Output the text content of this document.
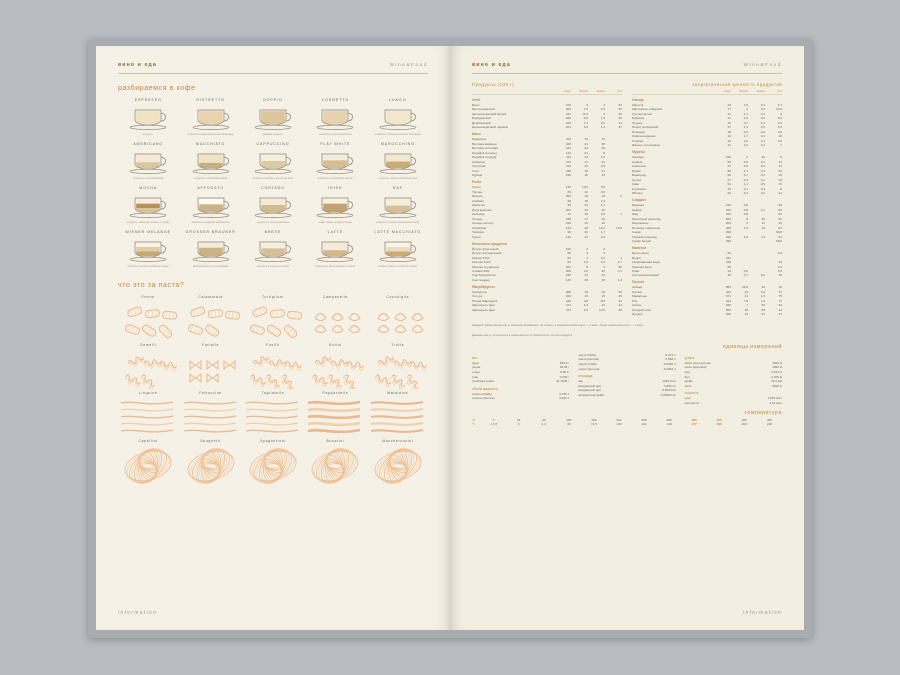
вино и еда	Wine&Food
разбираемся в кофе
ESPRESSO
эспрессо
RISTRETTO
эспрессо с меньшим количеством воды
DOPPIO
двойной эспрессо
CORRETTO
эспрессо с каплей алкоголя
LUNGO
эспрессо с большим количеством воды
AMERICANO
эспрессо с горячей водой
MACCHIATO
эспрессо с молочной пенкой
CAPPUCCINO
эспрессо, молоко и молочная пена
FLAT WHITE
эспрессо и вспененное молоко
MAROCCHINO
эспрессо, какао и молочная пена
MOCHA
эспрессо, шоколад, молоко и сливки
AFFOGATO
эспрессо с шариком мороженого
CORTADO
эспрессо с тёплым молоком
IRISH
кофе, виски, сливки и сахар
RAF
эспрессо, сливки и ванильный сахар
WIENER MELANGE
эспрессо, молоко и взбитые сливки
GROSSER BRAUNER
двойной эспрессо со сливками
BREVE
эспрессо и нагретые сливки
LATTE
эспрессо и много молока с пенкой
LATTE MACCHIATO
молоко, пенка и эспрессо слоями
что это за паста?
Penne	Calamarata	Tortiglioni	Campanelle	Conchiglie
Gemelli	Farfalle	Fusilli	Rotini	Trofie
Linguine	Fettuccine	Tagliatelle	Pappardelle	Mafaldine
Capellini	Spaghetti	Spaghettoni	Bucatini	Maccheroncini
information
вино и еда	Wine&Food
Продукты (100 г)
Ккал	Белки	Жиры	Угл
Хлеб
Багет	270	9	3	53
Батон нарезной	264	7,5	2,9	50
Цельнозерновой белый	244	11,5	3	46
Бородинский	208	6,8	1,3	40
Деревенский	229	7,4	2,6	44
Цельнозерновой чёрный	201	8,6	1,3	37
Мясо
Баранина	214	16	15
Ветчина варёная	420	21	38
Ветчина копчёная	434	23	36
Индейка (голень)	144	21	6
Индейка (грудка)	114	23	1,6
Свинина	274	17	22
Телятина	112	20	2,5
Утка	248	16	21
Курица	190	18	13
Рыба
Тунец	126	19,5	5,5
Треска	69	16	0,6
Форель	203	19	19	2
Хамбаш	99	18	1,3
Креветки	95	22	1,7
Икра красная	264	24	18
Кальмар	72	16	0,6	1
Сельдь	248	17	19
Сельдь Анчоус	210	20	10
Скумбрия	191	18	13,2	13,5
Тилапия	96	20	1,7
Тунец	144	23	4,9
Молочные продукты
Йогурт фруктовый	100	3	3
Йогурт натуральный	68	4	3
Кефир 3,2%	56	3	3,2	4
Молоко 3,2%	60	2,9	3,2	4,7
Молоко сгущённое	321	8	9	55
Сливки 20%	206	2,8	20	3,7
Сыр Моцарелла	240	22	16
Сыр Чеддер	145	26	33	1,3
Яйцо/Фрукты
Чизбургер	308	16	15	30
Хот-дог	263	10	15	25
Пицца Маргарита	240	9,8	8,5	34
Картофель фри	312	3,4	15	41
Картофель фри	273	3,9	13,5	35
энергетическая ценность продуктов
Ккал	Белки	Жиры	Угл
Овощи
Капуста	28	1,8	0,1	4,7
Картофель отварной	77	2	0,4	16,5
Лук репчатый	41	1,1	0,1	9
Морковь	41	0,9	0,2	9,6
Огурец	15	0,7	0,1	3,6
Перец болгарский	27	1,3	0,3	5,3
Помидор	18	0,9	0,2	3,9
Свёкла варёная	44	1,7	0,2	10
Спаржа	22	2,2	0,1	3,9
Фасоль стручковая	31	1,8	0,1	7
Фрукты
Авокадо	160	2	20	9
Ананас	50	0,5	0,1	13
Апельсин	47	0,9	0,1	12
Банан	89	1,1	0,3	23
Виноград	69	0,7	0,2	18
Груша	57	0,4	0,1	15
Киви	61	1,1	0,5	15
Клубника	33	0,7	0,3	8
Яблоко	52	0,3	0,2	14
Сладкое
Варенье	222	0,6	59
Зефир	326	0,8	0,1	80
Мёд	329	0,8	81
Молочный шоколад	564	8	35	52
Мороженое	209	4	11	24
Печенье сливочное	406	7,5	14	64
Сахар	399	99,8
Тёмный шоколад	546	4,9	31	61
Сахар белый	399	99,8
Напитки
Белое вино	82	2,6
Водка	231
Газированная вода	248	25
Красное вино	85	2,6
Пиво	43	0,5	3,6
Сок апельсиновый	45	0,7	0,2	10
Прочее
Арахис	562	26,5	49	16
Гречка	343	13	3,4	72
Макароны	371	13	1,5	75
Рис	344	7,5	1,8	77
Чипсы	536	7	35	53
Грецкий орех	654	15	65	14
Фундук	628	15	61	17
Каждый грамм белка или углеводов прибавляет по 4 ккал, а каждый грамм жира — 9 ккал. Один грамм алкоголя — 7 ккал.
Данные могут отличаться в зависимости от конкретного сорта продукта
единицы измерений
вес
фунт	453,6 г
унция	28,35 г
стоун	6,35 кг
гран	0,065 г
тройская унция	31,1035 г
объём жидкости
галлон (США)	3,785 л
галлон (Англия)	4,546 л
пинта (США)	0,473 л
пинта (Англия)	0,568 л
унция (США)	0,0295 л
унция (Англия)	0,0284 л
площадь
акр	4046,9 м²
квадратный ярд	0,836 м²
квадратный фут	0,0929 м²
квадратный дюйм	0,00064 м²
длина
миля (сухопутная)	1609 м
миля (морская)	1852 м
ярд	0,914 м
фут	0,305 м
дюйм	25,4 мм
лига	4828 м
скорость
узел	1,852 км/ч
маx/число	1,61 км/ч
температура
°F	0	32	40	100	150	212	250	300	350	375	400	425
°C	-17,8	0	4,4	38	71,5	100	121	149	177	190	204	218
information
